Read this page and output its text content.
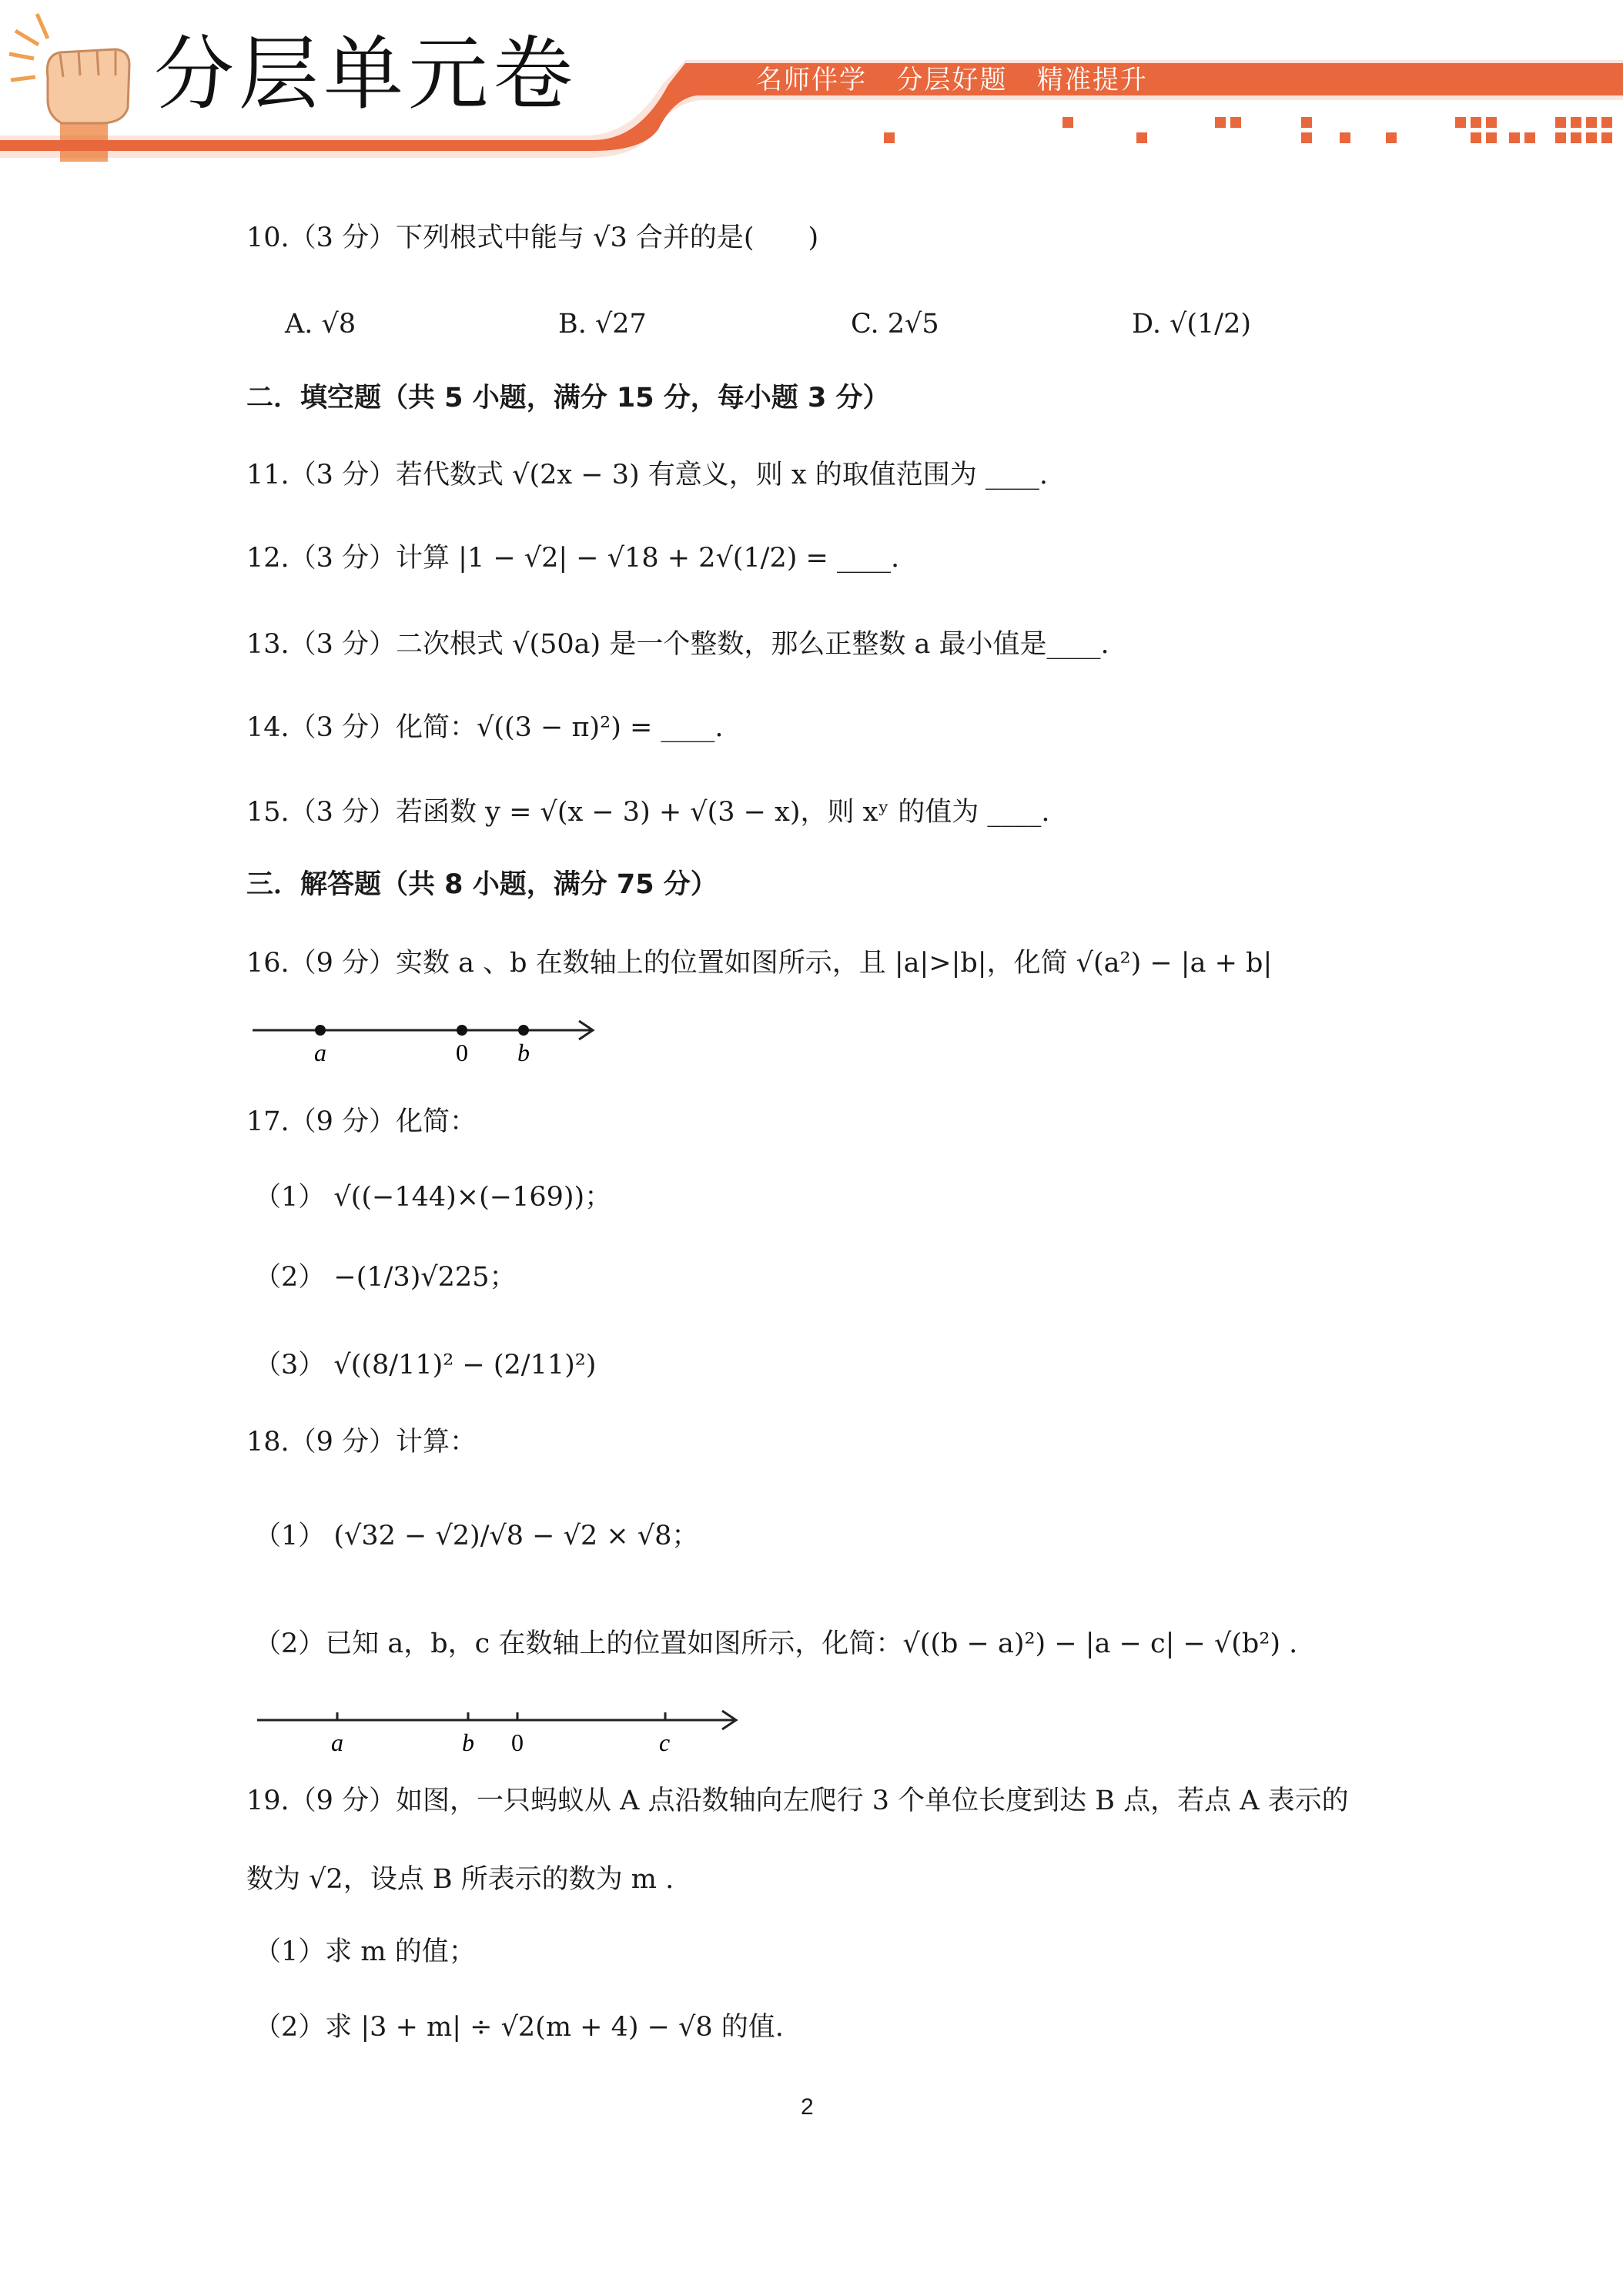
分层单元卷	名师伴学   分层好题   精准提升
10.（3 分）下列根式中能与 √3 合并的是(　　)
A. √8	B. √27	C. 2√5	D. √(1/2)
二．填空题（共 5 小题，满分 15 分，每小题 3 分）
11.（3 分）若代数式 √(2x − 3) 有意义，则 x 的取值范围为 ____.
12.（3 分）计算 |1 − √2| − √18 + 2√(1/2) = ____.
13.（3 分）二次根式 √(50a) 是一个整数，那么正整数 a 最小值是____.
14.（3 分）化简：√((3 − π)²) = ____.
15.（3 分）若函数 y = √(x − 3) + √(3 − x)，则 xʸ 的值为 ____.
三．解答题（共 8 小题，满分 75 分）
16.（9 分）实数 a 、b 在数轴上的位置如图所示，且 |a|>|b|，化简 √(a²) − |a + b|
a	0 b
17.（9 分）化简：
（1） √((−144)×(−169))；
（2） −(1/3)√225；
（3） √((8/11)² − (2/11)²)
18.（9 分）计算：
（1） (√32 − √2)/√8 − √2 × √8；
（2）已知 a，b，c 在数轴上的位置如图所示，化简：√((b − a)²) − |a − c| − √(b²) .
a	b 0	c
19.（9 分）如图，一只蚂蚁从 A 点沿数轴向左爬行 3 个单位长度到达 B 点，若点 A 表示的
数为 √2，设点 B 所表示的数为 m .
（1）求 m 的值；
（2）求 |3 + m| ÷ √2(m + 4) − √8 的值.
2
